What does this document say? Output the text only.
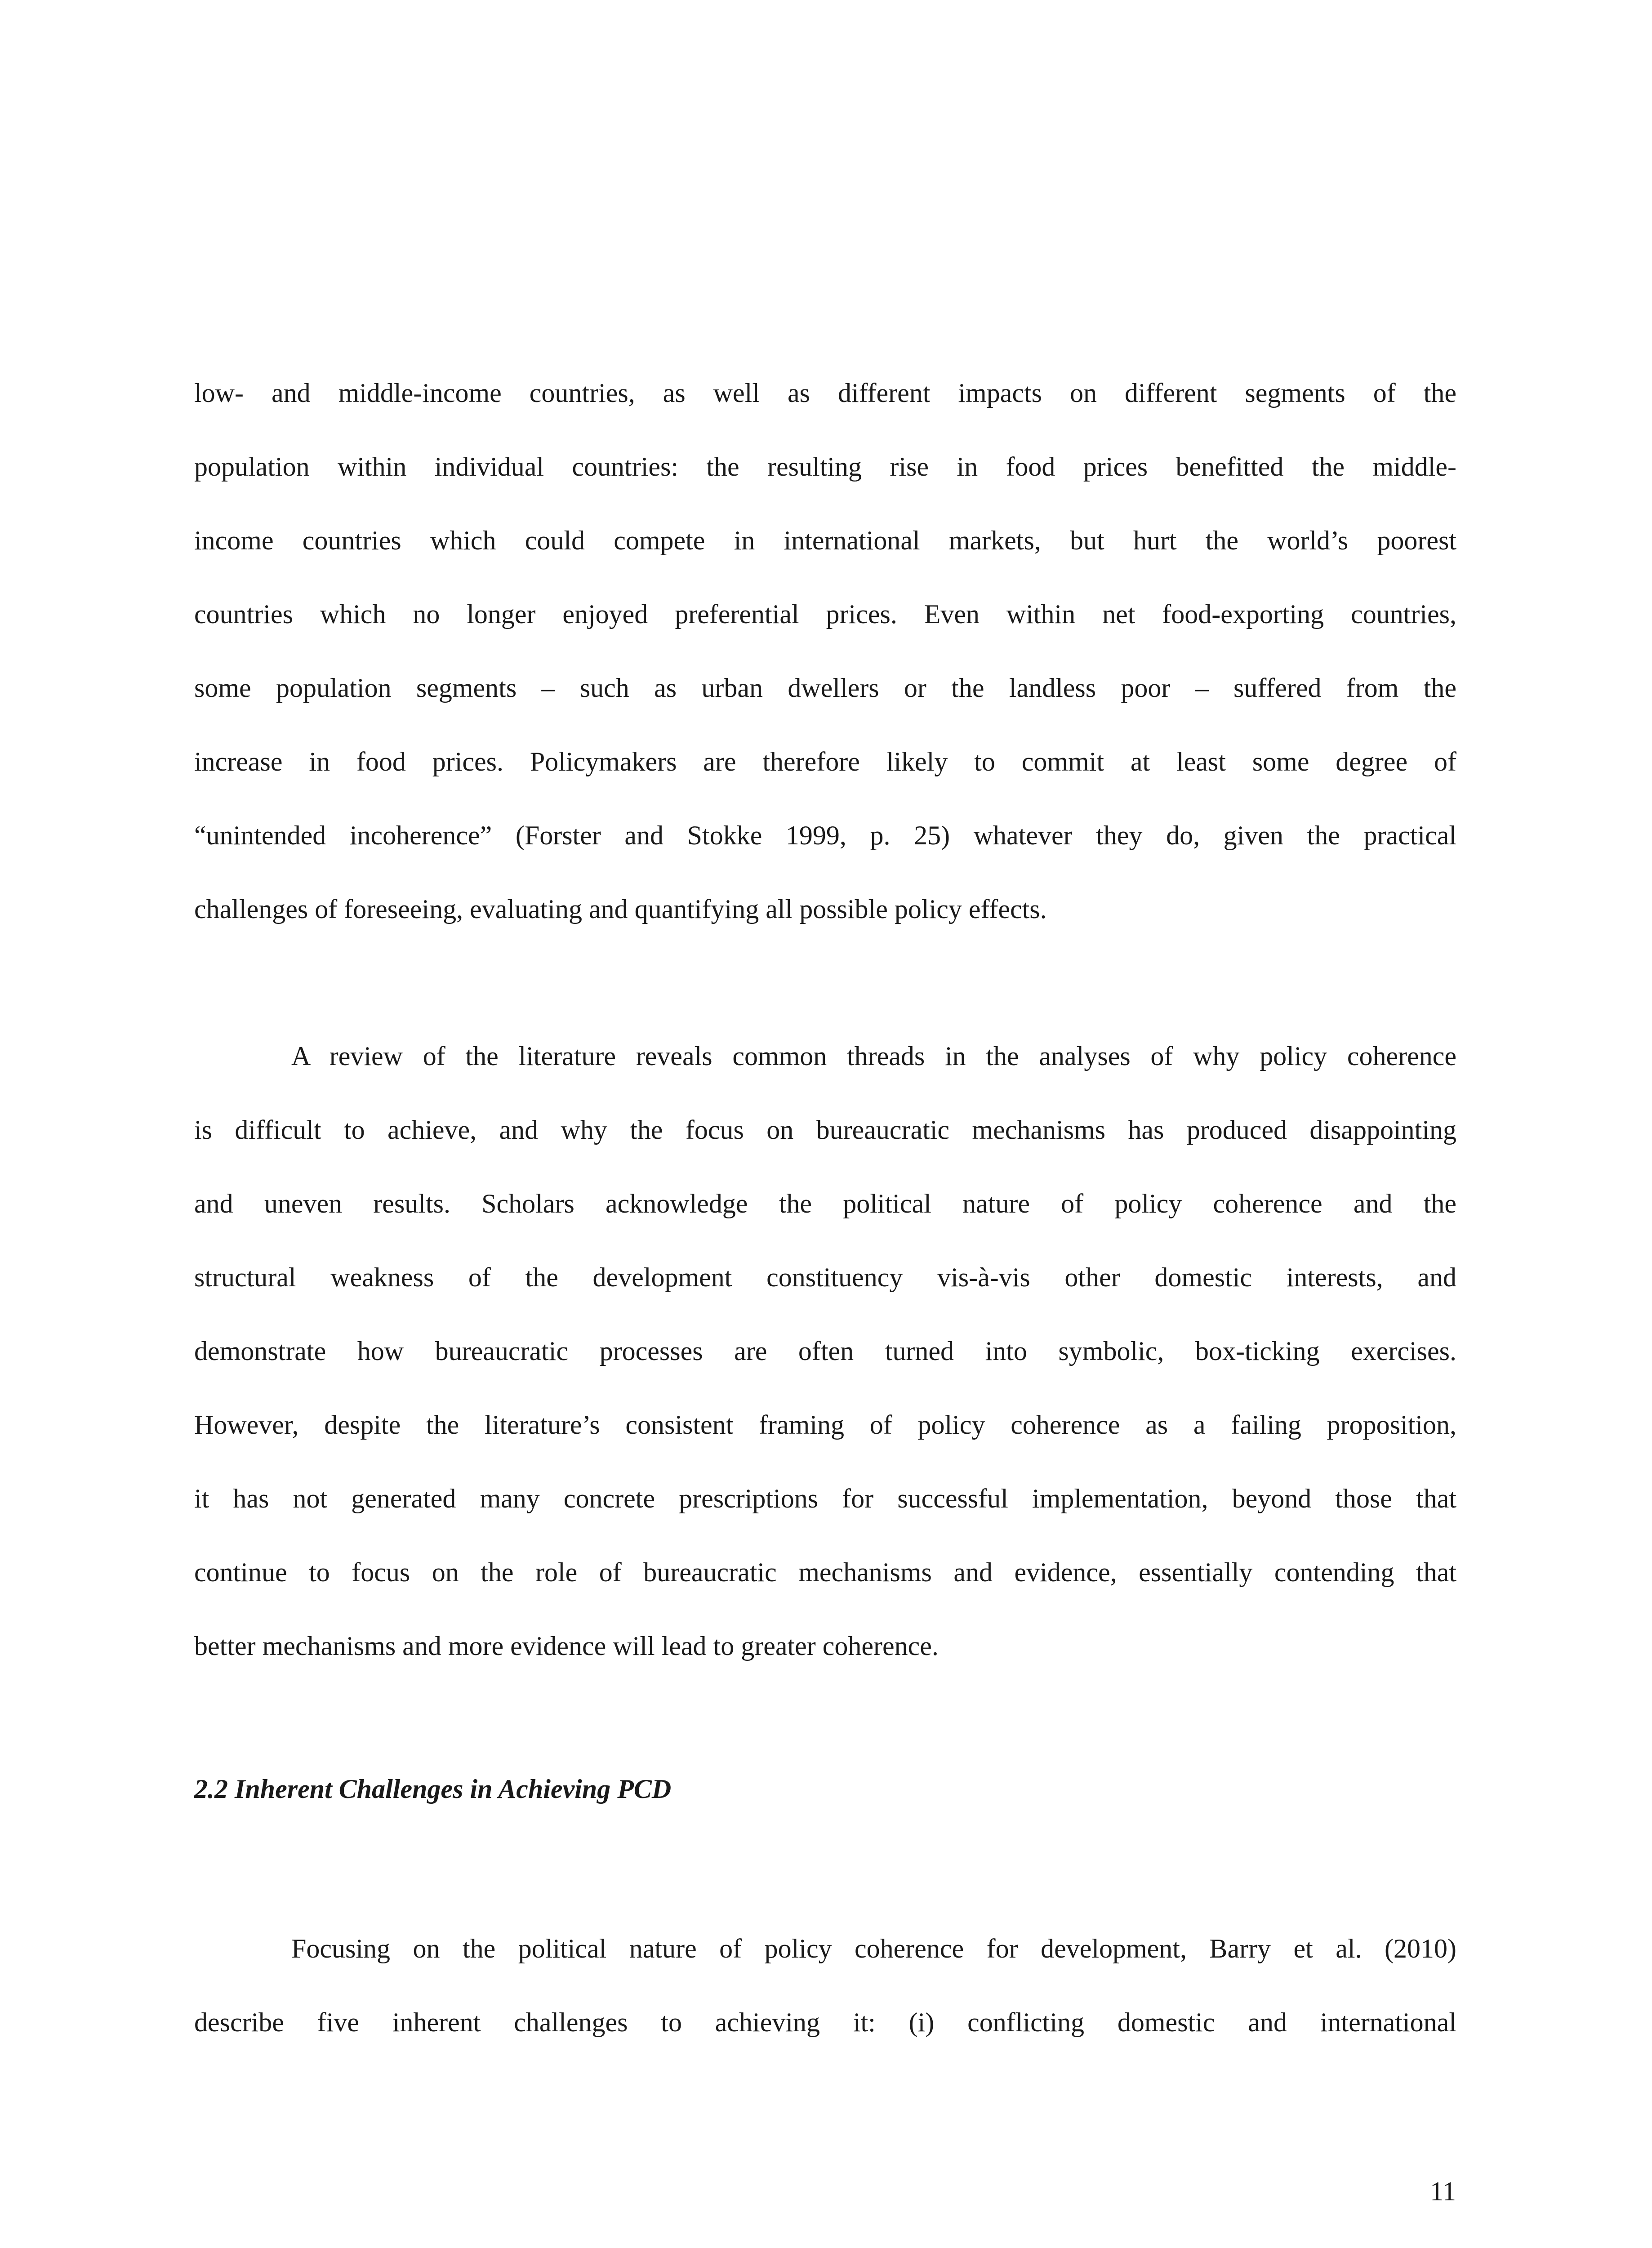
low- and middle-income countries, as well as different impacts on different segments of the
population within individual countries: the resulting rise in food prices benefitted the middle-
income countries which could compete in international markets, but hurt the world’s poorest
countries which no longer enjoyed preferential prices. Even within net food-exporting countries,
some population segments – such as urban dwellers or the landless poor – suffered from the
increase in food prices. Policymakers are therefore likely to commit at least some degree of
“unintended incoherence” (Forster and Stokke 1999, p. 25) whatever they do, given the practical
challenges of foreseeing, evaluating and quantifying all possible policy effects.
A review of the literature reveals common threads in the analyses of why policy coherence
is difficult to achieve, and why the focus on bureaucratic mechanisms has produced disappointing
and uneven results. Scholars acknowledge the political nature of policy coherence and the
structural weakness of the development constituency vis-à-vis other domestic interests, and
demonstrate how bureaucratic processes are often turned into symbolic, box-ticking exercises.
However, despite the literature’s consistent framing of policy coherence as a failing proposition,
it has not generated many concrete prescriptions for successful implementation, beyond those that
continue to focus on the role of bureaucratic mechanisms and evidence, essentially contending that
better mechanisms and more evidence will lead to greater coherence.
2.2 Inherent Challenges in Achieving PCD
Focusing on the political nature of policy coherence for development, Barry et al. (2010)
describe five inherent challenges to achieving it: (i) conflicting domestic and international
11
